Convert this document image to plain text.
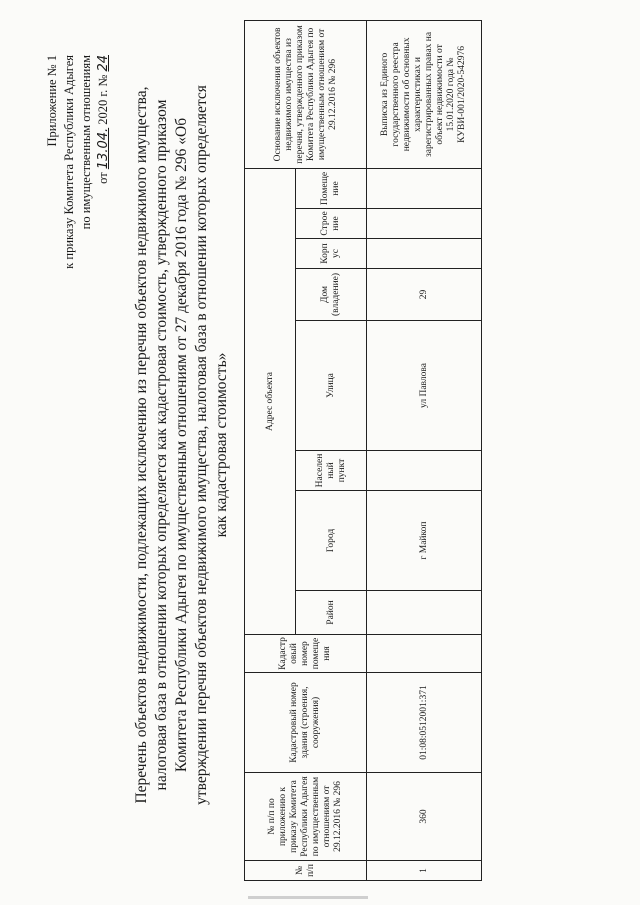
Приложение № 1 к приказу Комитета Республики Адыгея по имущественным отношениям от 13.04. 2020 г. № 24
Перечень объектов недвижимости, подлежащих исключению из перечня объектов недвижимого имущества, налоговая база в отношении которых определяется как кадастровая стоимость, утвержденного приказом Комитета Республики Адыгея по имущественным отношениям от 27 декабря 2016 года № 296 «Об утверждении перечня объектов недвижимого имущества, налоговая база в отношении которых определяется как кадастровая стоимость»
№ п/п	№ п/п по приложению к приказу Комитета Республики Адыгея по имущественным отношениям от 29.12.2016 № 296	Кадастровый номер здания (строения, сооружения)	Кадастровый номер помещения	Адрес объекта								Основание исключения объектов недвижимого имущества из перечня, утвержденного приказом Комитета Республики Адыгея по имущественным отношениям от 29.12.2016 № 296
				Район	Город	Населенный пункт	Улица	Дом (владение)	Корпус	Строение	Помещение	
1	360	01:08:0512001:371			г Майкоп		ул Павлова	29				Выписка из Единого государственного реестра недвижимости об основных характеристиках и зарегистрированных правах на объект недвижимости от 15.01.2020 года № КУВИ-001/2020-542976
